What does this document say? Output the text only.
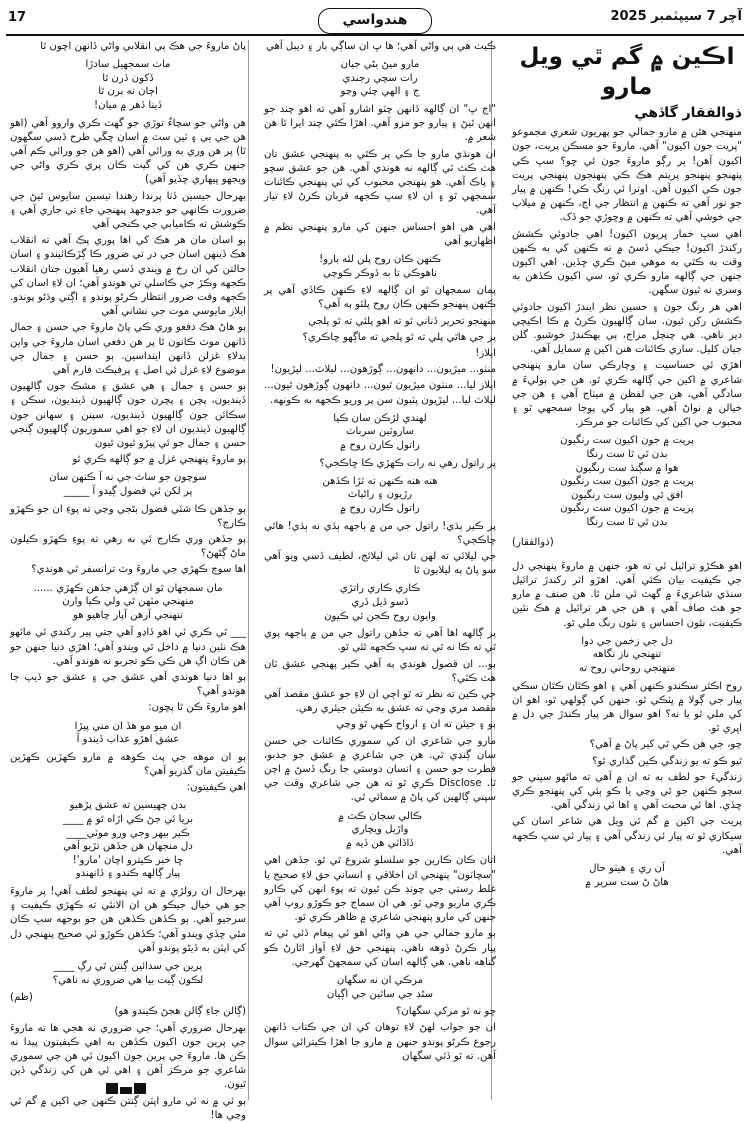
17	هندواسي	آچر 7 سيپٽمبر 2025
اڪين ۾ گم ٿي ويل مارو
ذوالفقار گاڏهي

منهنجي هٿن ۾ مارو جمالي جو پهريون شعري مجموعو "پريت جون اکيون" آهي. ماروءَ جو مسڪن پريت، جون اکيون آهن! ٻر رڳو ماروءَ جون ئي ڇو؟ سڀ ڪي پنهنجو پنهنجو پريتم هڪ ڪي پنهنجون پنهنجي پريت جون ڪي اکيون آهن. اوترا ئي رنگ ڪي! ڪنهن ۾ پيار جو نور آهي ته ڪنهن ۾ انتظار جي اڃ، ڪنهن ۾ ميلاپ جي خوشي آهي ته ڪنهن ۾ وڇوڙي جو ڏک.

اهي سڀ خمار ڀريون اکيون! اهي جادوئي ڪشش رکندڙ اکيون! جيڪي ڏسڻ ۾ ته ڪنهن کي به ڪنهن وقت به ڪٿي به موهي ميڻ ڪري ڇڏين. اهي اکيون جنهن جي ڳالهه مارو ڪري ٿو، سي اکيون ڪڏهن به وسري نه ٿيون سگهن.

اهي هر رنگ جون ۽ حسين نظر ايندڙ اکيون جادوئي ڪشش رکن ٿيون. سان ڳالهيون ڪرڻ ۾ ڪا اڪيچي دير ناهي. هي چنچل مزاج، ٻي ٻهڪندڙ خوشبو. گلن جيان کليل. ساري ڪائنات هنن اکين ۾ سمايل آهي.

اهڙي ئي حساسيت ۽ وچارڪي سان مارو پنهنجي شاعري ۾ اکين جي ڳالهه ڪري ٿو. هن جي ٻوليءَ ۾ سادگي آهي، هن جي لفظن ۾ ميٺاج آهي ۽ هن جي خيالن ۾ نواڻ آهي. هو پيار کي پوڄا سمجهي ٿو ۽ محبوب جي اکين کي ڪائنات جو مرڪز.

پريت ۾ جون اکيون ست رنگيون
بدن ٿي ٿا ست رنگا
هوا ۾ سڳنڌ ست رنگيون
پريت ۾ جون اکيون ست رنگيون
افق ٿي وليون ست رنگيون
پريت ۾ جون اکيون ست رنگيون
بدن ٿي ٿا ست رنگا
(ذوالفقار)

اهو هڪڙو ترائيل ئي ته هو، جنهن ۾ ماروءَ پنهنجي دل جي ڪيفيت بيان ڪئي آهي. اهڙو اثر رکندڙ ترائيل سنڌي شاعريءَ ۾ گهٽ ئي ملن ٿا. هن صنف ۾ مارو جو هٿ صاف آهي ۽ هن جي هر ترائيل ۾ هڪ نئين ڪيفيت، نئون احساس ۽ نئون رنگ ملي ٿو.

دل جي زخمن جي دوا
تنهنجي ناز نگاهه
منهنجي روحاني روح ته

روح اڪثر سڪندو ڪنهن آهي ۽ اهو ڪٿان ڪٿان سڪي پيار جي ڳولا ۾ ڀٽڪي ٿو. جنهن کي ڳولهي ٿو، اهو ان کي ملي ٿو يا نه؟ اهو سوال هر پيار ڪندڙ جي دل ۾ اڀري ٿو.

چو، جي هن ڪي ٿي کير پاڻ ۾ آهي؟

ٿيو ڪو ته يو زندگي ڪين گذاري ٿو؟

زندگيءَ جو لطف به ته ان ۾ آهي ته ماڻهو سڀني جو سچو ڪنهن جو ٿي وڃي يا ڪو ٻئي کي پنهنجو ڪري ڇڏي. اها ئي محبت آهي ۽ اها ئي زندگي آهي.

پريت جي اکين ۾ گم ٿي ويل هي شاعر اسان کي سيکاري ٿو ته پيار ئي زندگي آهي ۽ پيار ئي سڀ ڪجهه آهي.

آن ري ۽ هيٺو حال
هاڻ ڻ ست سرير ۾

ڪيٺ هي ٻي واڻي آهي؛ ها ڀ ان ساڳي بار ۽ ديبل آهي

مارو ميڻ بڻي جيان
رات سچي رڄندي
ج ۽ الهي چئي وڃو

"اڄ ڀ" ان ڳالهه ڏانهن چٽو اشارو آهي ته اهو چند جو انهن ٿيڻ ۽ پيارو جو مزو آهي. اهڙا ڪئي چند ايرا ٿا هن شعر ۾.

ان هونڌي مارو جا ڪي پر ڪٿي به پنهنجي عشق تان هٽ ڪٿ ٿي ڳالهه نه هوندي آهي. هن جو عشق سچو ۽ پاڪ آهي. هو پنهنجي محبوب کي ئي پنهنجي ڪائنات سمجهي ٿو ۽ ان لاءِ سڀ ڪجهه قربان ڪرڻ لاءِ تيار آهي.

اهي هي اهو احساس جنهن کي مارو پنهنجي نظم ۾ اظهاريو آهي

ڪنهن ڪان روح پلن لئه بارو!
ناهوڪي تا به ڏوڪر ڪوچي

پمان سمجهان ٿو ان ڳالهه لاءِ ڪنهن ڪاڏي آهي پر ڪنهن پنهنجو ڪنهن ڪان روح پلئو ٻه آهي؟

منهنجو تحرير ڏناني ٿو ته اهو پلئي ته ٿو پلجي

پر جي هاٿي پلي ته ٿو پلجي ته ماڳهو ڇاڪري؟

ايلاز!

منٺو... ميڙيون... دانهون... ڳوڙهون... ليلاٽ... ليڙيون!

ايلاز ليا... منٺون ميڙيون ٿيون... دانهون ڳوڙهون ٿيون... ليلاٽ ليا... ليڙيون پٽيون سن پر وريو ڪجهه به ڪونهه.

لهندي لڙڪن سان ڪيا
ساروٽين سرباٽ
راتول ڪارن روح ۾

پر راتول رهي نه رات ڪهڙي ڪا ڇاڪجي؟

هنه هنه ڪنهن ته ٽڙا ڪڏهن
رڙيون ۽ راڻياٽ
راتول ڪارن روح ۾

پر ڪير ٻڌي! راتول جي من ۾ ٻاجهه ٻڌي نه ٻڌي! هاٿي چاڪجي؟

جي ليلائي ته لهن تان ئي ليلائج، لطيف ڏسي ويو آهي سو پاڻ ٻه ليلايون ٿا

ڪاري ڪاري راتڙي
ڏسو ڏيل ڏري
وايون روح ڪجن ئي ڪيون

پر ڳالهه اها آهي ته جڏهن راتول جي من ۾ ٻاجهه پوي ٿي ته ڪا نه ٿي ته سڀ ڪجهه ٿئي ٿو.

ٻو... ان قصول هوندي ٻه آهي ڪير پهنجي عشق ٽان هٽ ڪٽي؟

جي ڪين ته نظر ته ٿو اڄي ان لاءِ جو عشق مقصد آهي مقصد مري وڃي ته عشق به ڪيئن جيئري رهي.

ٻو ۽ جيئن ته ان ۽ ارواح ڪهي ٿو وڃي

مارو جي شاعري ان کي سموري ڪائنات جي حسن سان ڳنڍي ٿي. هن جي شاعري ۾ عشق جو جذبو، فطرت جو حسن ۽ انسان دوستي جا رنگ ڏسڻ ۾ اچن ٿا. Disclose ڪري ٿو ته هن جي شاعري وقت جي سڀني ڳالهين کي پاڻ ۾ سمائي ٿي.

ڪالي سڄان ڪٽ ۾
واڙيل ويچاري
ڏاڏاٽي هن ڏيه ۾

اتان ڪان ڪارين جو سلسلو شروع ٿي ٿو. جڏهن اهي "سچاٽون" پنهنجي ان اخلاقي ۽ انساني حق لاءِ صحيح يا غلط رستي جي چونڊ ڪن ٿيون ته پوءِ انهن کي ڪارو ڪري ماريو وڃي ٿو. هي ان سماج جو ڪوڙو روپ آهي جنهن کي مارو پنهنجي شاعري ۾ ظاهر ڪري ٿو.

ٻو مارو جمالي جي هي واڻي اهو ئي پيغام ڏئي ٿي ته پيار ڪرڻ ڏوهه ناهي. پنهنجي حق لاءِ آواز اٿارڻ ڪو گناهه ناهي. هي ڳالهه اسان کي سمجهڻ گهرجي.

مرڪي ان نه سگهان
سڻڊ جي ساٿين جي اڳيان

چو نه ٿو مرکي سگهان؟

ان جو جواب لهڻ لاءِ توهان کي ان جي ڪتاب ڏانهن رجوع ڪرڻو پوندو جنهن ۾ مارو جا اهڙا ڪيترائي سوال آهن. ته ٿو ڏئي سگهان

پاڻ ماروءَ جي هڪ ٻي انقلابي واڻي ڏانهن اچون ٿا

ماٺ سمجهيل سادڙا
ڏکون ڏرن ٿا
اڄان نه ٻرن ٿا
ڏينا ڏهر ۾ ميان!

هن واڻي جو سچاءُ توڙي جو گهٽ ڪري واروو آهي (اهو هن جي ٻي ۽ ٽين سٽ ۾ اسان ڇڱي طرح ڏسي سگهون ٿا) پر هن وري ٻه ورائي آهي (اهو هن جو ورائي ڪم آهي جنهن ڪري هن کي گيت ڪان پري ڪري واڻي جي ويجهو ڀيهاري ڇڏيو آهي)

بهرحال جيسين ڏٺا پرندا رهندا تيسين سايوس ٿيڻ جي ضرورت ڪانهي جو جدوجهد پنهنجي جاءِ تي جاري آهي ۽ ڪوشش ته ڪاميابي جي ڪنجي آهي

ٻو اسان مان هر هڪ کي اها پوري پڪ آهي ته انقلاب هڪ ڏينهن اسان جي در تي ضرور ڪا ڳڙڪائيندو ۽ اسان حالتن کي ان رخ ۾ ويندي ڏسي رهيا آهيون جتان انقلاب ڪجهه وڪڙ جي ڪاسلي تي هوندو آهي؛ ان لاءِ اسان کي ڪجهه وقت ضرور انتظار ڪرڻو پوندو ۽ اڳتي وڌڻو پوندو. ايلاز مايوسي موت جي نشاني آهي

ٻو هاڻ هڪ دفعو وري ڪي پاڻ ماروءَ جي حسن ۽ جمال ڏانهن موٽ ڪانون ٿا پر هن دفعي اسان ماروءَ جي واين بدلاءِ غزلن ڏانهن اينداسين. ٻو حسن ۽ جمال جي موضوع لاءِ غزل ئي اصل ۽ پرفيڪٽ فارم آهي

ٻو حسن ۽ جمال ۽ هي عشق ۽ مشڪ جون ڳالهيون ڏينديون، پچن ۽ پچرن جون ڳالهيون ڏينديون، سڪن ۽ سڪائن جون ڳالهيون ڏينديون، سپنن ۽ سهانن جون ڳالهيون ڏينديون ان لاءِ جو اهي سموريون ڳالهيون ڳنجي حسن ۽ جمال جو ئي پيڙو ٿيون ٿيون

ٻو ماروءَ پنهنجي غزل ۾ جو ڳالهه ڪري ٿو

سوچون جو ساٿ جي نه آ ڪنهن سان
پر لکن ئي فضول ڳيدو آ _____

ٻو جڏهن ڪا شئي فضول بڻجي وڃي ته پوءِ ان جو ڪهڙو ڪارج؟

ٻو جڏهن وري ڪارج ئي نه رهي ته پوءِ ڪهڙو ڪيلون ماڻ ڳڻهڻ؟

اها سوچ ڪهڙي جي ماروءَ وٽ ترانسفر ٿي هوندي؟

مان سمجهان ٿو ان ڳڙهي جڏهن ڪهڙي ......
منهنجي مٽهن ٿي ولي ڪيا وارن
تنهنجي آرهن آپار چاهيو هو

___ ٿي ڪري ئي اهو ڏاڍو آهي جتي پير رکندي ئي مائهو هڪ نئين دنيا ۾ داخل ٿي ويندو آهي؛ اهڙي دنيا جنهن جو هن ڪان اڳ هن ڪي ڪو تجربو نه هوندو آهي.

ٻو اها دنيا هوندي آهي عشق جي ۽ عشق جو ڏيپ ڄا هوندو آهي؟

اهو ماروءَ ڪن ٿا پڇون:

ان ميو مو هڏ ان مني پيڙا
عشق اهڙو عذاب ڏيندو آ

ٻو ان موهه جي پٺ ڪوهه ۾ مارو ڪهڙين ڪهڙين ڪيفيتن مان گذريو آهي؟

اهي ڪيفيتون:

بدن چهيسين ته عشق پڙهيو
بريا ئي جڻ ڪي اڙاه ٿو ۾ ____
ڪير بيهر وجي ورو موٽي____
دل منجهان هن جڏهن تڙيو آهي
ڇا خبر ڪيترو اچان 'مارو'!
پيار ڳالهه ڪندو ۽ ڏانهندو

بهرحال ان رولڙي ۾ ته ئي پنهنجو لطف آهي! پر ماروءَ جو هي خيال جيڪو هن ان الانئي ته ڪهڙي ڪيفيت ۽ سرجيو آهي. ٻو ڪڏهن ڪڏهن هن جو بوجهه سڀ ڪان مٿي ڇڏي ويندو آهي؛ ڪڏهن ڪوڙو ئي صحيح پنهنجي دل کي اپٽن به ڏيڻو پوندو آهي

پرين جي سدائين ڳنتن ٿي رڳ ____
لڪون ڳيت بيا هي ضروري نه ناهي؟
(ظم)

(ڳالن جاءِ ڳالن هجڻ ڪيندو هو)

بهرحال ضروري آهي؛ جي ضروري نه هجي ها ته ماروءَ جي پرين جون اکيون ڪڏهن به اهي ڪيفيتون پيدا نه ڪن ها. ماروءَ جي پرين جون اکيون ئي هن جي سموري شاعري جو مرڪز آهن ۽ اهي ئي هن کي زندگي ڏين ٿيون.

ٻو ئي ۾ نه ئي مارو اپٽن ڳنتن ڪنهن جي اکين ۾ گم ٿي وڃي ها!
